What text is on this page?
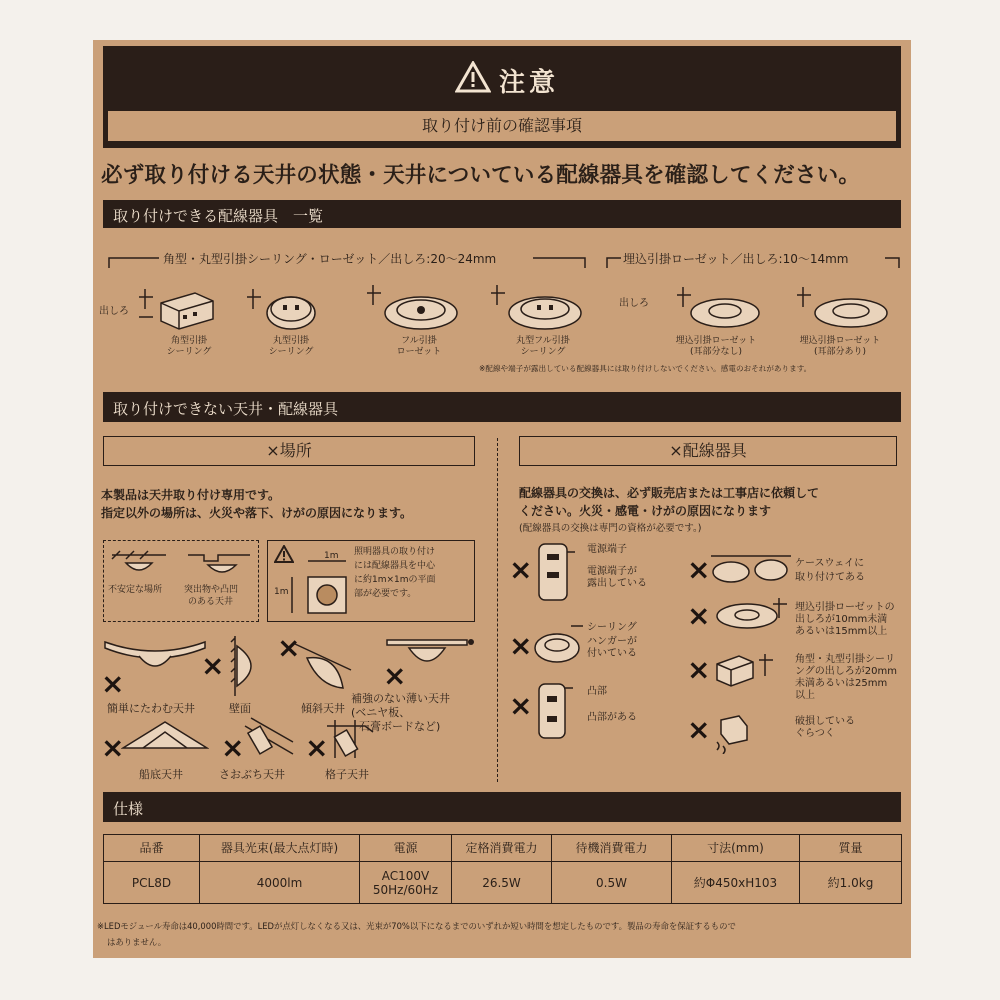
注意
取り付け前の確認事項
必ず取り付ける天井の状態・天井についている配線器具を確認してください。
取り付けできる配線器具　一覧
角型・丸型引掛シーリング・ローゼット／出しろ:20〜24mm	埋込引掛ローゼット／出しろ:10〜14mm
出しろ
出しろ
角型引掛
シーリング
丸型引掛
シーリング
フル引掛
ローゼット
丸型フル引掛
シーリング
埋込引掛ローゼット
(耳部分なし)
埋込引掛ローゼット
(耳部分あり)
※配線や端子が露出している配線器具には取り付けしないでください。感電のおそれがあります。
取り付けできない天井・配線器具
×場所
本製品は天井取り付け専用です。
指定以外の場所は、火災や落下、けがの原因になります。
不安定な場所 突出物や凸凹
のある天井
1m
1m
照明器具の取り付け
には配線器具を中心
に約1m×1mの平面
部が必要です。
×
簡単にたわむ天井
×
壁面
×
傾斜天井
×
補強のない薄い天井
(ベニヤ板、
石膏ボードなど)
×
船底天井
×
さおぶち天井
×
格子天井
×配線器具
配線器具の交換は、必ず販売店または工事店に依頼して
ください。火災・感電・けがの原因になります
(配線器具の交換は専門の資格が必要です。)
×
電源端子
電源端子が
露出している
×
シーリング
ハンガーが
付いている
×	凸部
凸部がある
×	ケースウェイに
取り付けてある
×	埋込引掛ローゼットの
出しろが10mm未満
あるいは15mm以上
×	角型・丸型引掛シーリ
ングの出しろが20mm
未満あるいは25mm
以上
×	破損している
ぐらつく
仕様
品番	器具光束(最大点灯時)	電源	定格消費電力	待機消費電力	寸法(mm)	質量
PCL8D	4000lm	AC100V
50Hz/60Hz	26.5W	0.5W	約Φ450xH103	約1.0kg
※LEDモジュール寿命は40,000時間です。LEDが点灯しなくなる又は、光束が70%以下になるまでのいずれか短い時間を想定したものです。製品の寿命を保証するもので
はありません。
